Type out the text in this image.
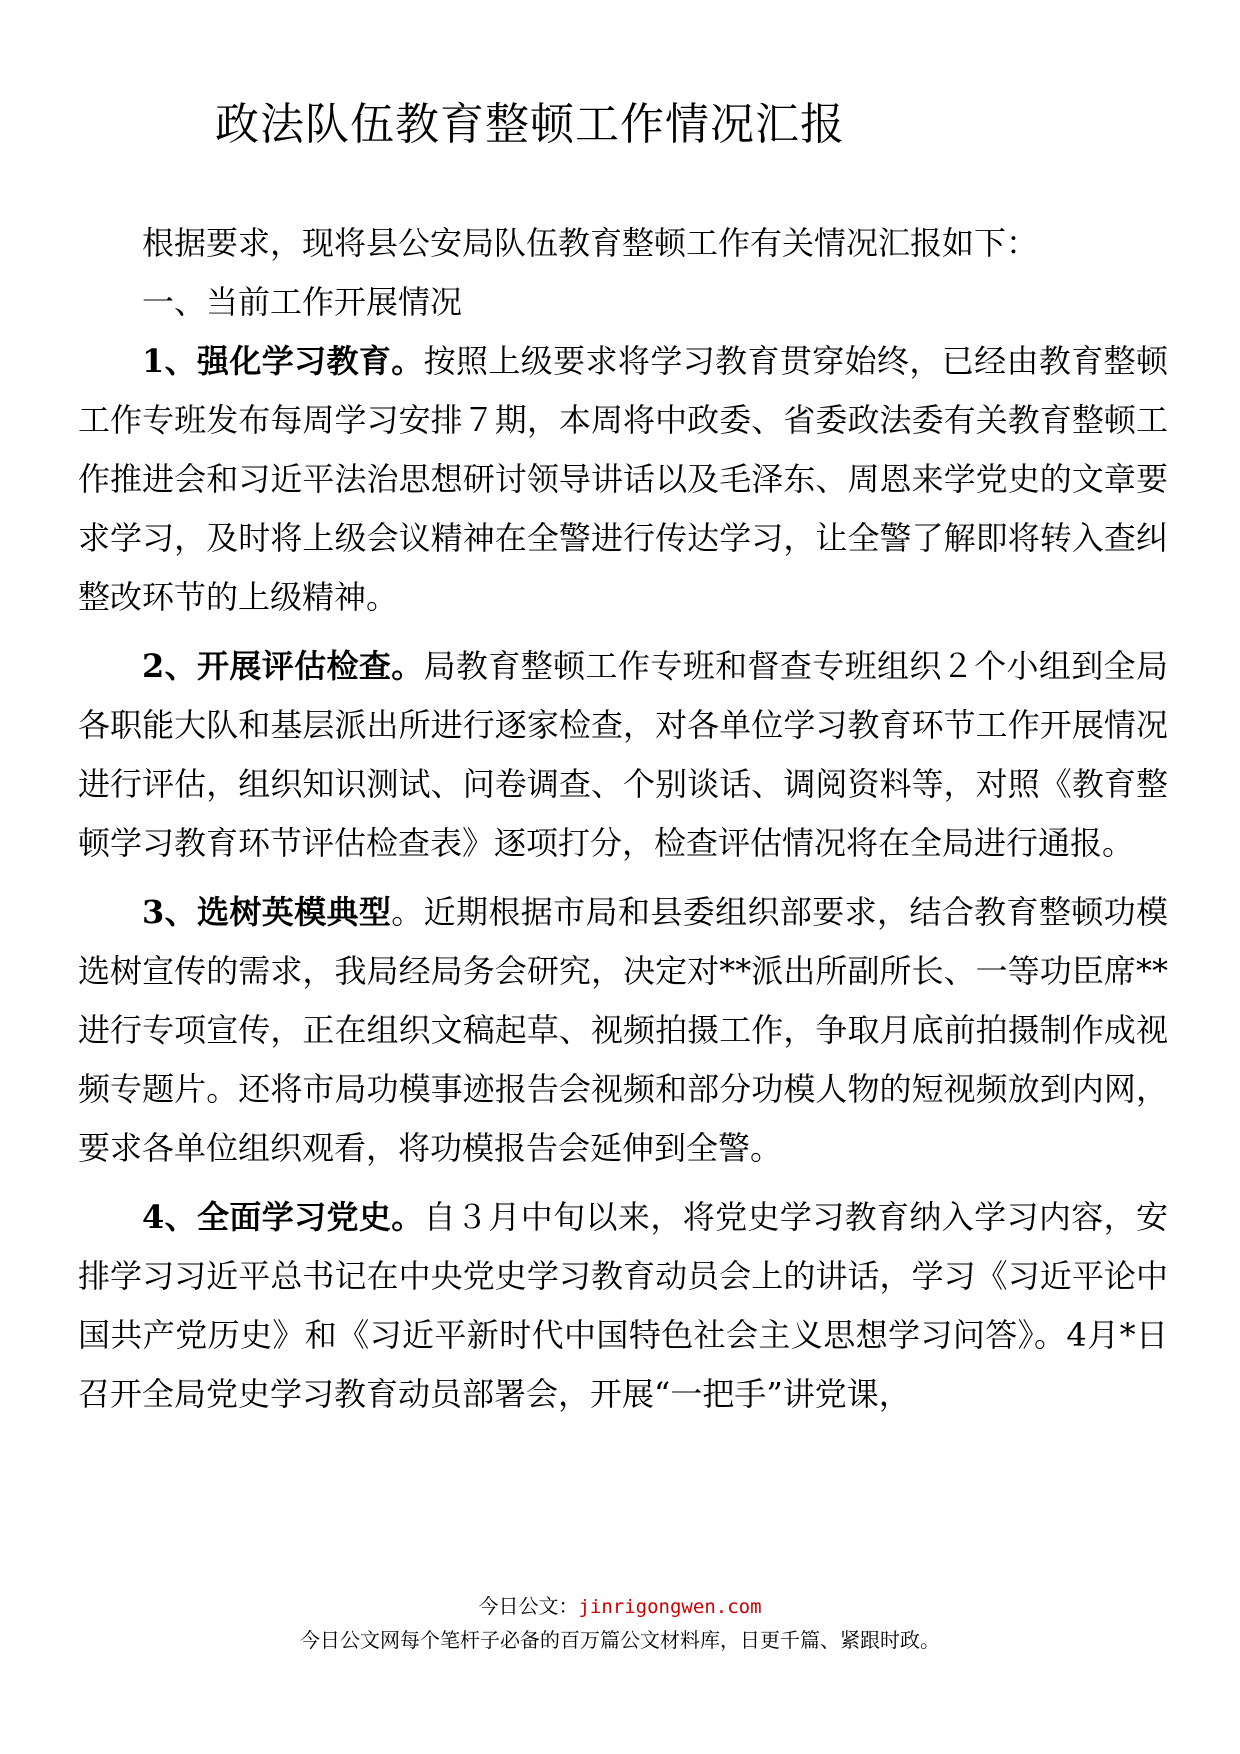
政法队伍教育整顿工作情况汇报

根据要求，现将县公安局队伍教育整顿工作有关情况汇报如下：

一、当前工作开展情况

1、强化学习教育。按照上级要求将学习教育贯穿始终，已经由教育整顿工作专班发布每周学习安排７期，本周将中政委、省委政法委有关教育整顿工作推进会和习近平法治思想研讨领导讲话以及毛泽东、周恩来学党史的文章要求学习，及时将上级会议精神在全警进行传达学习，让全警了解即将转入查纠整改环节的上级精神。

2、开展评估检查。局教育整顿工作专班和督查专班组织２个小组到全局各职能大队和基层派出所进行逐家检查，对各单位学习教育环节工作开展情况进行评估，组织知识测试、问卷调查、个别谈话、调阅资料等，对照《教育整顿学习教育环节评估检查表》逐项打分，检查评估情况将在全局进行通报。

3、选树英模典型。近期根据市局和县委组织部要求，结合教育整顿功模选树宣传的需求，我局经局务会研究，决定对**派出所副所长、一等功臣席**进行专项宣传，正在组织文稿起草、视频拍摄工作，争取月底前拍摄制作成视频专题片。还将市局功模事迹报告会视频和部分功模人物的短视频放到内网，要求各单位组织观看，将功模报告会延伸到全警。

4、全面学习党史。自３月中旬以来，将党史学习教育纳入学习内容，安排学习习近平总书记在中央党史学习教育动员会上的讲话，学习《习近平论中国共产党历史》和《习近平新时代中国特色社会主义思想学习问答》。4月*日召开全局党史学习教育动员部署会，开展“一把手”讲党课，

今日公文：jinrigongwen.com
今日公文网每个笔杆子必备的百万篇公文材料库，日更千篇、紧跟时政。
